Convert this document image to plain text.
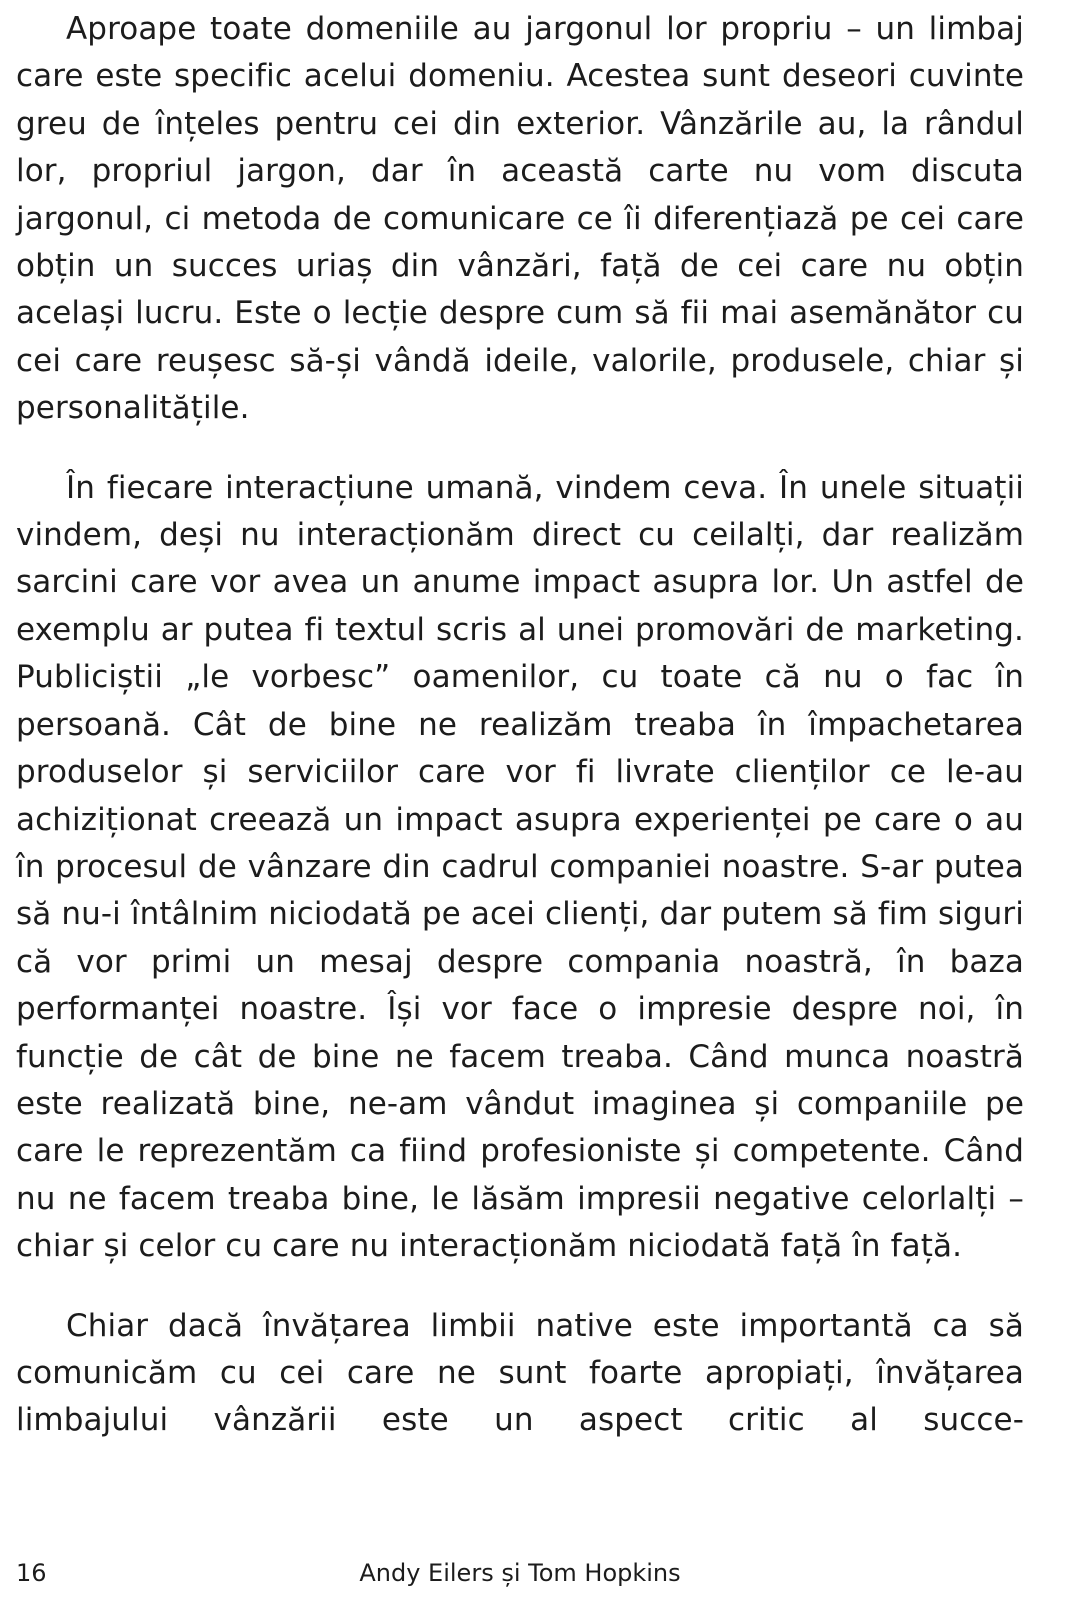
Aproape toate domeniile au jargonul lor propriu – un limbaj care este specific acelui domeniu. Acestea sunt deseori cuvinte greu de înțeles pentru cei din exterior. Vânzările au, la rândul lor, propriul jargon, dar în această carte nu vom discuta jargonul, ci metoda de comunicare ce îi diferențiază pe cei care obțin un succes uriaș din vânzări, față de cei care nu obțin același lucru. Este o lecție despre cum să fii mai asemănător cu cei care reușesc să-și vândă ideile, valorile, produsele, chiar și personalitățile.

În fiecare interacțiune umană, vindem ceva. În unele situații vindem, deși nu interacționăm direct cu ceilalți, dar realizăm sarcini care vor avea un anume impact asupra lor. Un astfel de exemplu ar putea fi textul scris al unei promovări de marketing. Publiciștii „le vorbesc” oamenilor, cu toate că nu o fac în persoană. Cât de bine ne realizăm treaba în împachetarea produselor și serviciilor care vor fi livrate clienților ce le-au achiziționat creează un impact asupra experienței pe care o au în procesul de vânzare din cadrul companiei noastre. S-ar putea să nu-i întâlnim niciodată pe acei clienți, dar putem să fim siguri că vor primi un mesaj despre compania noastră, în baza performanței noastre. Își vor face o impresie despre noi, în funcție de cât de bine ne facem treaba. Când munca noastră este realizată bine, ne-am vândut imaginea și companiile pe care le reprezentăm ca fiind profesioniste și competente. Când nu ne facem treaba bine, le lăsăm impresii negative celorlalți – chiar și celor cu care nu interacționăm niciodată față în față.

Chiar dacă învățarea limbii native este importantă ca să comunicăm cu cei care ne sunt foarte apropiați, învățarea limbajului vânzării este un aspect critic al succe-

16	Andy Eilers și Tom Hopkins
